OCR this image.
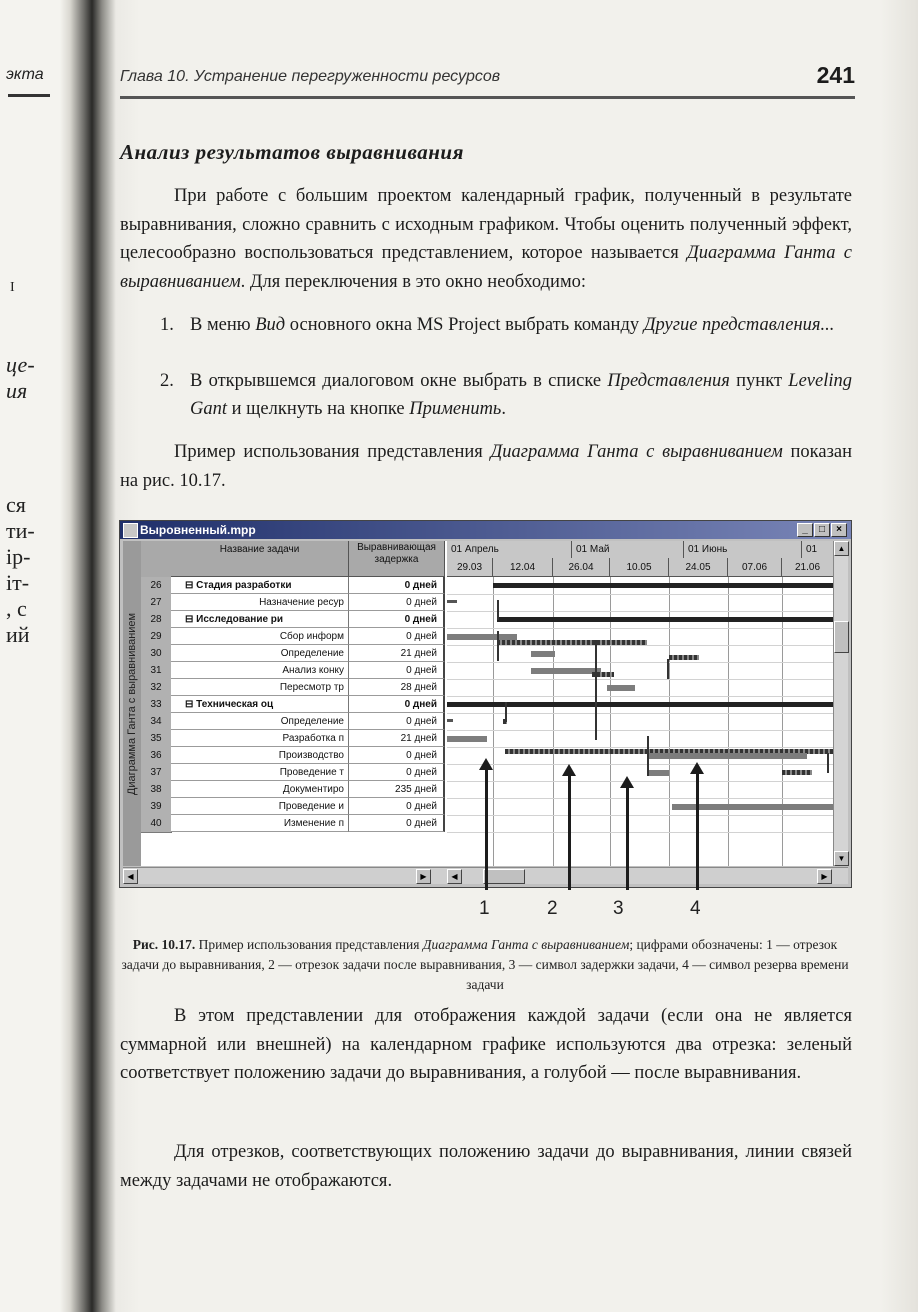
экта
I
це-
ия
ся
ти-
ір-
іт-
, с
ий
Глава 10. Устранение перегруженности ресурсов	241
Анализ результатов выравнивания
При работе с большим проектом календарный график, полученный в результате выравнивания, сложно сравнить с исходным графиком. Чтобы оценить полученный эффект, целесообразно воспользоваться представлением, которое называется Диаграмма Ганта с выравниванием. Для переключения в это окно необходимо:
1. В меню Вид основного окна MS Project выбрать команду Другие представления...
2. В открывшемся диалоговом окне выбрать в списке Представления пункт Leveling Gant и щелкнуть на кнопке Применить.
Пример использования представления Диаграмма Ганта с выравниванием показан на рис. 10.17.
Выровненный.mpp	_	□	×
Диаграмма Ганта с выравниванием
Название задачи	Выравнивающая задержка
26	⊟ Стадия разработки	0 дней
27	Назначение ресур	0 дней
28	⊟ Исследование ри	0 дней
29	Сбор информ	0 дней
30	Определение	21 дней
31	Анализ конку	0 дней
32	Пересмотр тр	28 дней
33	⊟ Техническая оц	0 дней
34	Определение	0 дней
35	Разработка п	21 дней
36	Производство	0 дней
37	Проведение т	0 дней
38	Документиро	235 дней
39	Проведение и	0 дней
40	Изменение п	0 дней
01 Апрель	01 Май	01 Июнь	01
29.03	12.04	26.04	10.05	24.05	07.06	21.06
▲
▼
◀	▶	◀	▶
1	2	3	4
Рис. 10.17. Пример использования представления Диаграмма Ганта с выравниванием; цифрами обозначены: 1 — отрезок задачи до выравнивания, 2 — отрезок задачи после выравнивания, 3 — символ задержки задачи, 4 — символ резерва времени задачи
В этом представлении для отображения каждой задачи (если она не является суммарной или внешней) на календарном графике используются два отрезка: зеленый соответствует положению задачи до выравнивания, а голубой — после выравнивания.
Для отрезков, соответствующих положению задачи до выравнивания, линии связей между задачами не отображаются.
